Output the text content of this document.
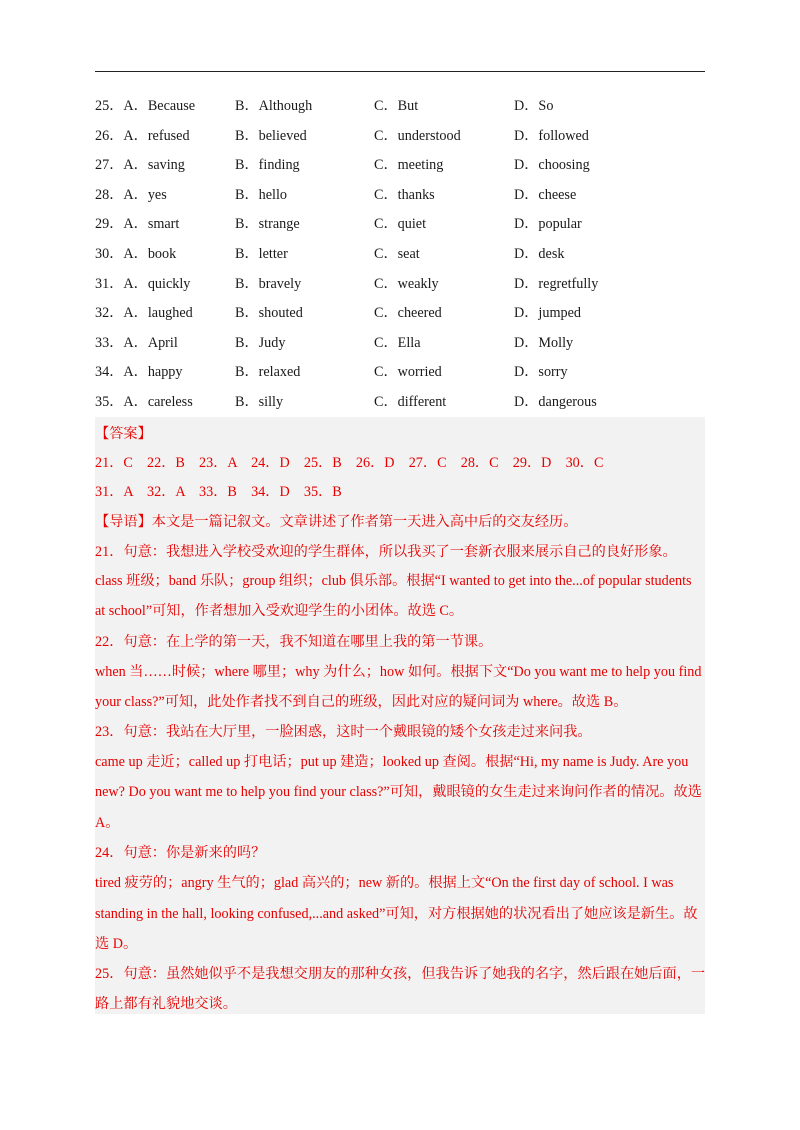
25．A．Because	B．Although	C．But	D．So
26．A．refused	B．believed	C．understood	D．followed
27．A．saving	B．finding	C．meeting	D．choosing
28．A．yes	B．hello	C．thanks	D．cheese
29．A．smart	B．strange	C．quiet	D．popular
30．A．book	B．letter	C．seat	D．desk
31．A．quickly	B．bravely	C．weakly	D．regretfully
32．A．laughed	B．shouted	C．cheered	D．jumped
33．A．April	B．Judy	C．Ella	D．Molly
34．A．happy	B．relaxed	C．worried	D．sorry
35．A．careless	B．silly	C．different	D．dangerous
【答案】
21．C　22．B　23．A　24．D　25．B　26．D　27．C　28．C　29．D　30．C
31．A　32．A　33．B　34．D　35．B
【导语】本文是一篇记叙文。文章讲述了作者第一天进入高中后的交友经历。
21．句意：我想进入学校受欢迎的学生群体，所以我买了一套新衣服来展示自己的良好形象。
class 班级；band 乐队；group 组织；club 俱乐部。根据“I wanted to get into the...of popular students
at school”可知，作者想加入受欢迎学生的小团体。故选 C。
22．句意：在上学的第一天，我不知道在哪里上我的第一节课。
when 当……时候；where 哪里；why 为什么；how 如何。根据下文“Do you want me to help you find
your class?”可知，此处作者找不到自己的班级，因此对应的疑问词为 where。故选 B。
23．句意：我站在大厅里，一脸困惑，这时一个戴眼镜的矮个女孩走过来问我。
came up 走近；called up 打电话；put up 建造；looked up 查阅。根据“Hi, my name is Judy. Are you
new? Do you want me to help you find your class?”可知，戴眼镜的女生走过来询问作者的情况。故选
A。
24．句意：你是新来的吗？
tired 疲劳的；angry 生气的；glad 高兴的；new 新的。根据上文“On the first day of school. I was
standing in the hall, looking confused,...and asked”可知，对方根据她的状况看出了她应该是新生。故
选 D。
25．句意：虽然她似乎不是我想交朋友的那种女孩，但我告诉了她我的名字，然后跟在她后面，一
路上都有礼貌地交谈。
